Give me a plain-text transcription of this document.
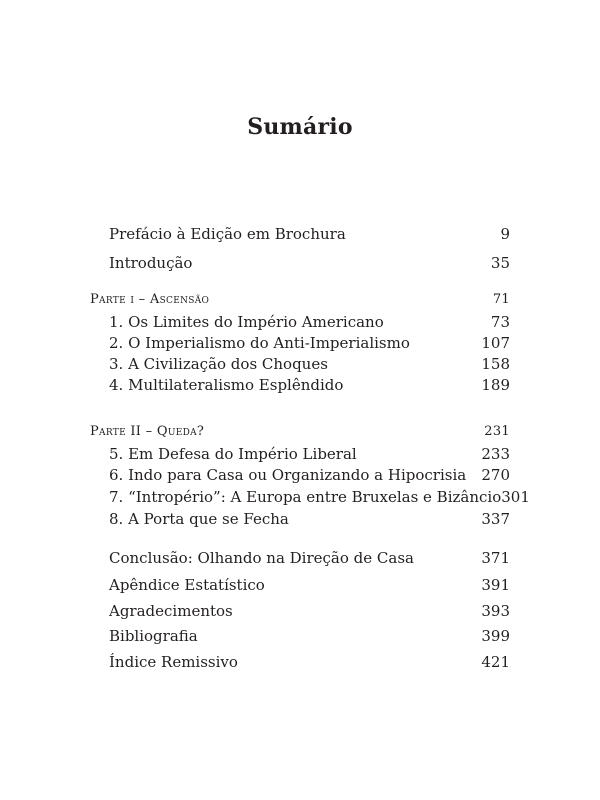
Sumário
Prefácio à Edição em Brochura	9
Introdução	35
Parte i – Ascensão	71
1. Os Limites do Império Americano	73
2. O Imperialismo do Anti-Imperialismo	107
3. A Civilização dos Choques	158
4. Multilateralismo Esplêndido	189
Parte II – Queda?	231
5. Em Defesa do Império Liberal	233
6. Indo para Casa ou Organizando a Hipocrisia	270
7. “Intropério”: A Europa entre Bruxelas e Bizâncio 301
8. A Porta que se Fecha	337
Conclusão: Olhando na Direção de Casa	371
Apêndice Estatístico	391
Agradecimentos	393
Bibliografia	399
Índice Remissivo	421
